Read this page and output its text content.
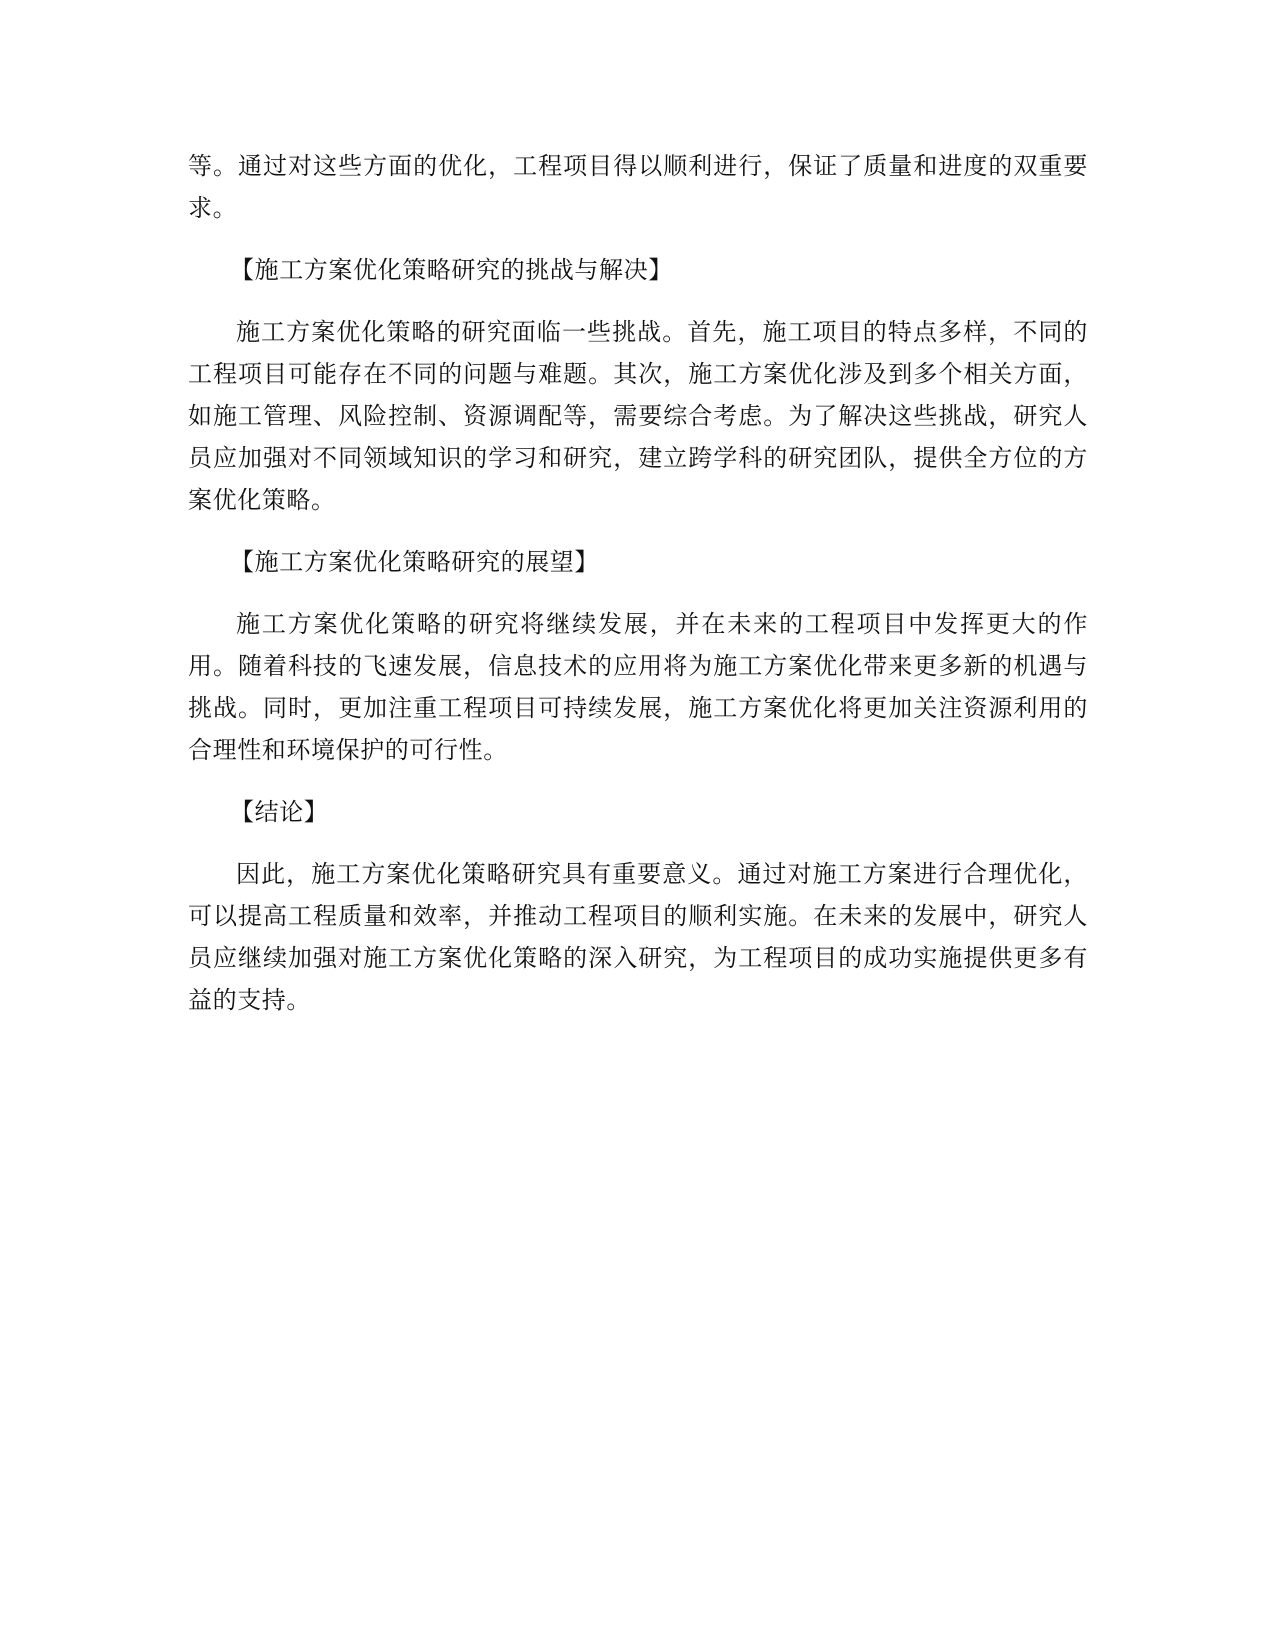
等。通过对这些方面的优化，工程项目得以顺利进行，保证了质量和进度的双重要求。

【施工方案优化策略研究的挑战与解决】

施工方案优化策略的研究面临一些挑战。首先，施工项目的特点多样，不同的工程项目可能存在不同的问题与难题。其次，施工方案优化涉及到多个相关方面，如施工管理、风险控制、资源调配等，需要综合考虑。为了解决这些挑战，研究人员应加强对不同领域知识的学习和研究，建立跨学科的研究团队，提供全方位的方案优化策略。

【施工方案优化策略研究的展望】

施工方案优化策略的研究将继续发展，并在未来的工程项目中发挥更大的作用。随着科技的飞速发展，信息技术的应用将为施工方案优化带来更多新的机遇与挑战。同时，更加注重工程项目可持续发展，施工方案优化将更加关注资源利用的合理性和环境保护的可行性。

【结论】

因此，施工方案优化策略研究具有重要意义。通过对施工方案进行合理优化，可以提高工程质量和效率，并推动工程项目的顺利实施。在未来的发展中，研究人员应继续加强对施工方案优化策略的深入研究，为工程项目的成功实施提供更多有益的支持。
